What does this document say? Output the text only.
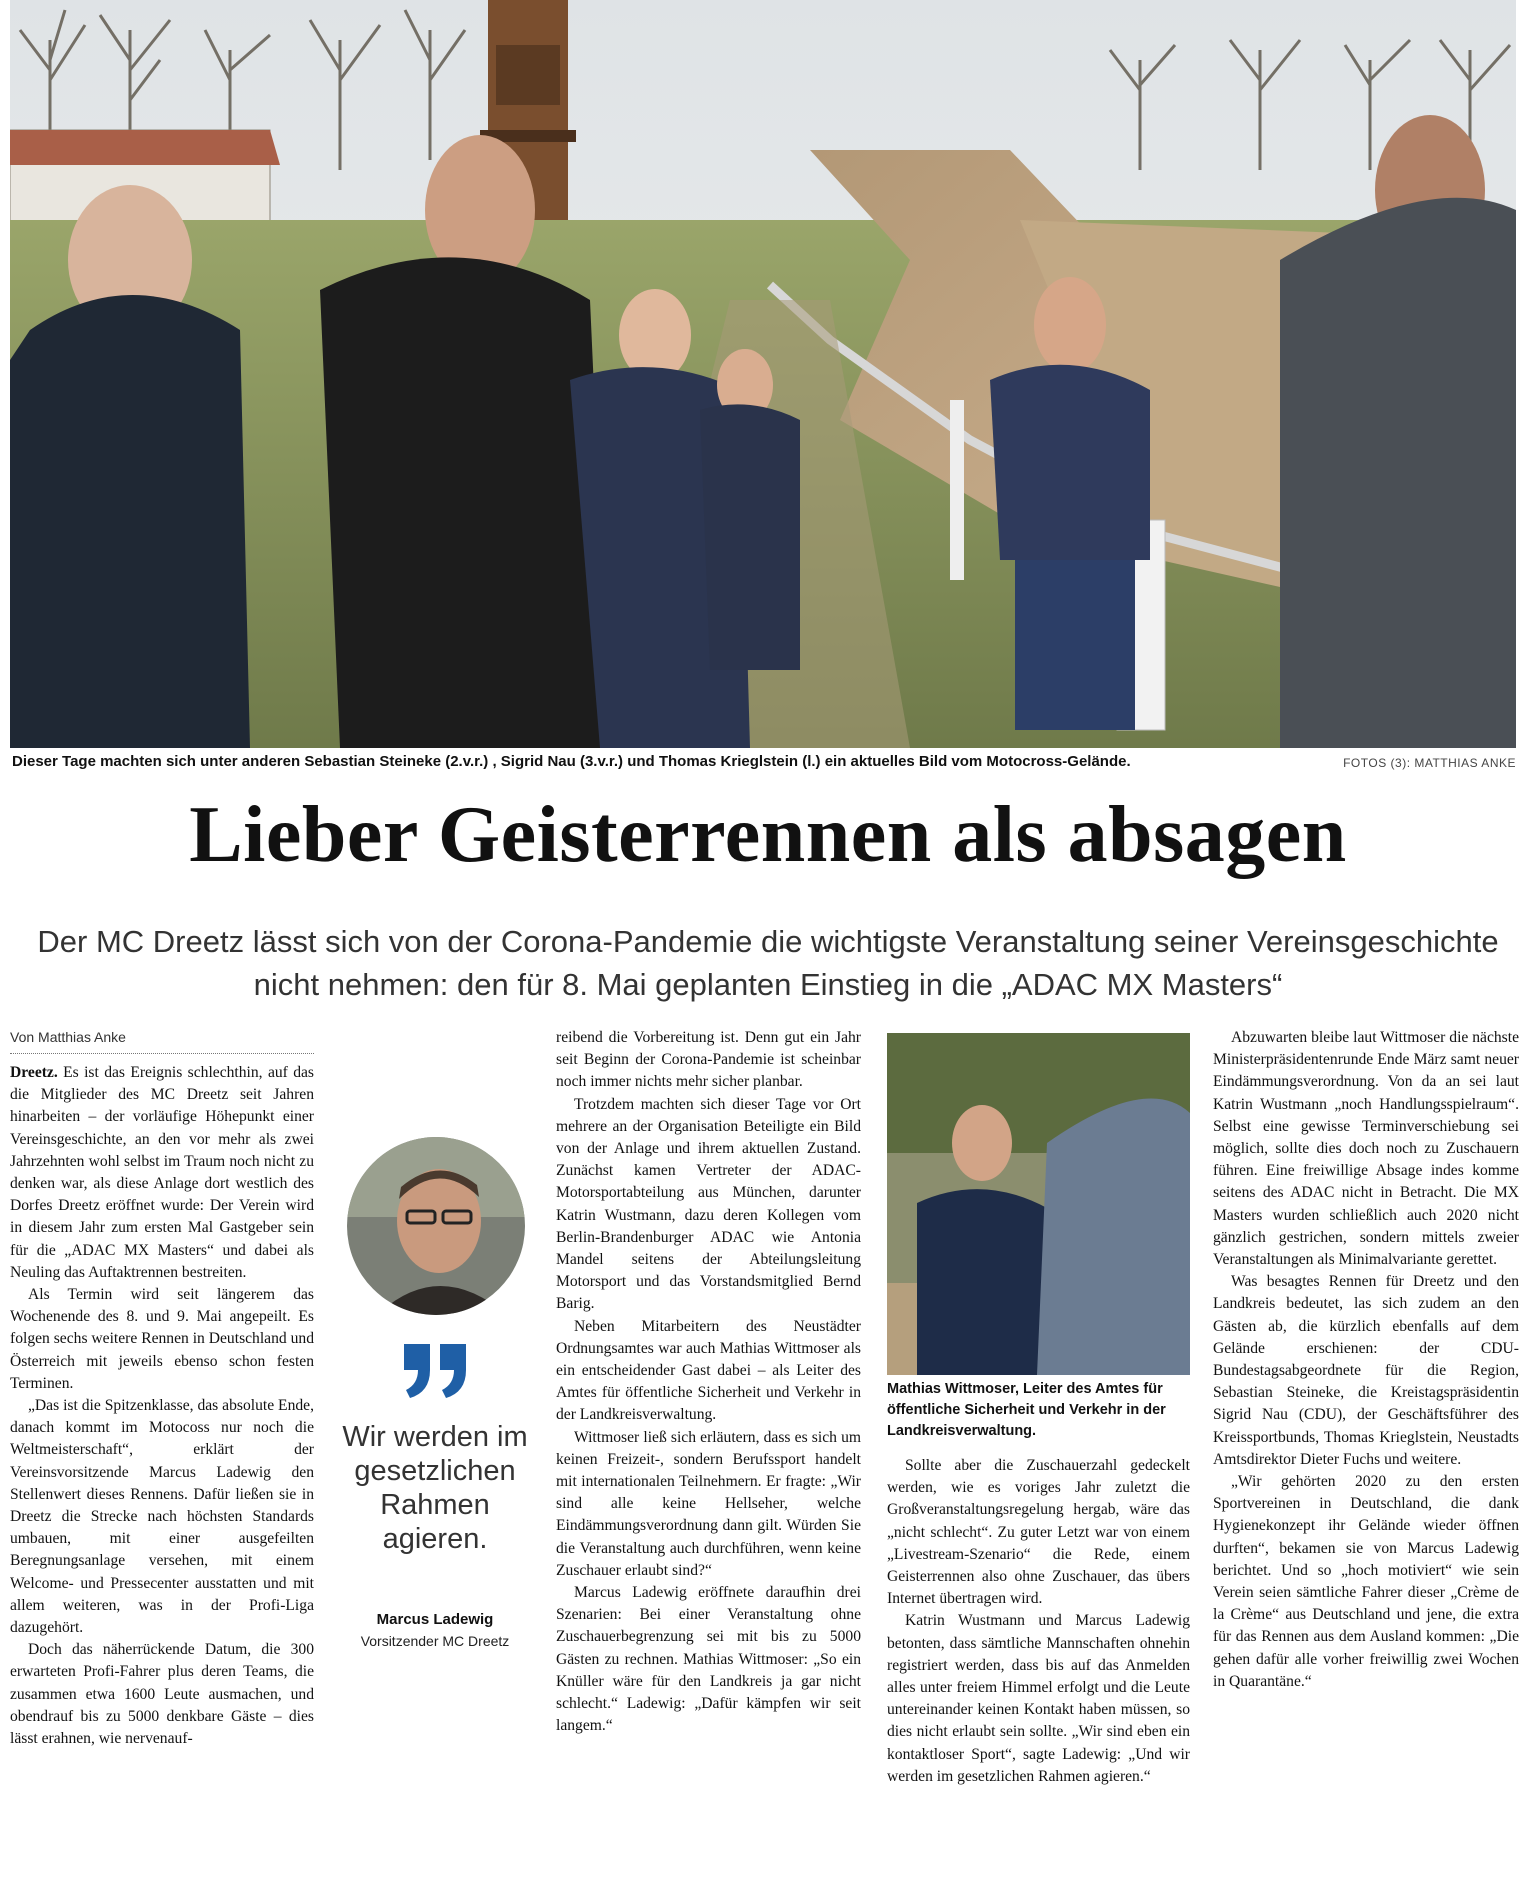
Dieser Tage machten sich unter anderen Sebastian Steineke (2.v.r.) , Sigrid Nau (3.v.r.) und Thomas Krieglstein (l.) ein aktuelles Bild vom Motocross-Gelände.	FOTOS (3): MATTHIAS ANKE
Lieber Geisterrennen als absagen
Der MC Dreetz lässt sich von der Corona-Pandemie die wichtigste Veranstaltung seiner Vereinsgeschichte nicht nehmen: den für 8. Mai geplanten Einstieg in die „ADAC MX Masters“
Von Matthias Anke

Dreetz. Es ist das Ereignis schlechthin, auf das die Mitglieder des MC Dreetz seit Jahren hinarbeiten – der vorläufige Höhepunkt einer Vereinsgeschichte, an den vor mehr als zwei Jahrzehnten wohl selbst im Traum noch nicht zu denken war, als diese Anlage dort westlich des Dorfes Dreetz eröffnet wurde: Der Verein wird in diesem Jahr zum ersten Mal Gastgeber sein für die „ADAC MX Masters“ und dabei als Neuling das Auftaktrennen bestreiten.

Als Termin wird seit längerem das Wochenende des 8. und 9. Mai angepeilt. Es folgen sechs weitere Rennen in Deutschland und Österreich mit jeweils ebenso schon festen Terminen.

„Das ist die Spitzenklasse, das absolute Ende, danach kommt im Motocoss nur noch die Weltmeisterschaft“, erklärt der Vereinsvorsitzende Marcus Ladewig den Stellenwert dieses Rennens. Dafür ließen sie in Dreetz die Strecke nach höchsten Standards umbauen, mit einer ausgefeilten Beregnungsanlage versehen, mit einem Welcome- und Pressecenter ausstatten und mit allem weiteren, was in der Profi-Liga dazugehört.

Doch das näherrückende Datum, die 300 erwarteten Profi-Fahrer plus deren Teams, die zusammen etwa 1600 Leute ausmachen, und obendrauf bis zu 5000 denkbare Gäste – dies lässt erahnen, wie nervenauf-

Wir werden im gesetzlichen Rahmen agieren.
Marcus Ladewig
Vorsitzender MC Dreetz

reibend die Vorbereitung ist. Denn gut ein Jahr seit Beginn der Corona-Pandemie ist scheinbar noch immer nichts mehr sicher planbar.

Trotzdem machten sich dieser Tage vor Ort mehrere an der Organisation Beteiligte ein Bild von der Anlage und ihrem aktuellen Zustand. Zunächst kamen Vertreter der ADAC-Motorsportabteilung aus München, darunter Katrin Wustmann, dazu deren Kollegen vom Berlin-Brandenburger ADAC wie Antonia Mandel seitens der Abteilungsleitung Motorsport und das Vorstandsmitglied Bernd Barig.

Neben Mitarbeitern des Neustädter Ordnungsamtes war auch Mathias Wittmoser als ein entscheidender Gast dabei – als Leiter des Amtes für öffentliche Sicherheit und Verkehr in der Landkreisverwaltung.

Wittmoser ließ sich erläutern, dass es sich um keinen Freizeit-, sondern Berufssport handelt mit internationalen Teilnehmern. Er fragte: „Wir sind alle keine Hellseher, welche Eindämmungsverordnung dann gilt. Würden Sie die Veranstaltung auch durchführen, wenn keine Zuschauer erlaubt sind?“

Marcus Ladewig eröffnete daraufhin drei Szenarien: Bei einer Veranstaltung ohne Zuschauerbegrenzung sei mit bis zu 5000 Gästen zu rechnen. Mathias Wittmoser: „So ein Knüller wäre für den Landkreis ja gar nicht schlecht.“ Ladewig: „Dafür kämpfen wir seit langem.“

Mathias Wittmoser, Leiter des Amtes für öffentliche Sicherheit und Verkehr in der Landkreisverwaltung.

Sollte aber die Zuschauerzahl gedeckelt werden, wie es voriges Jahr zuletzt die Großveranstaltungsregelung hergab, wäre das „nicht schlecht“. Zu guter Letzt war von einem „Livestream-Szenario“ die Rede, einem Geisterrennen also ohne Zuschauer, das übers Internet übertragen wird.

Katrin Wustmann und Marcus Ladewig betonten, dass sämtliche Mannschaften ohnehin registriert werden, dass bis auf das Anmelden alles unter freiem Himmel erfolgt und die Leute untereinander keinen Kontakt haben müssen, so dies nicht erlaubt sein sollte. „Wir sind eben ein kontaktloser Sport“, sagte Ladewig: „Und wir werden im gesetzlichen Rahmen agieren.“

Abzuwarten bleibe laut Wittmoser die nächste Ministerpräsidentenrunde Ende März samt neuer Eindämmungsverordnung. Von da an sei laut Katrin Wustmann „noch Handlungsspielraum“. Selbst eine gewisse Terminverschiebung sei möglich, sollte dies doch noch zu Zuschauern führen. Eine freiwillige Absage indes komme seitens des ADAC nicht in Betracht. Die MX Masters wurden schließlich auch 2020 nicht gänzlich gestrichen, sondern mittels zweier Veranstaltungen als Minimalvariante gerettet.

Was besagtes Rennen für Dreetz und den Landkreis bedeutet, las sich zudem an den Gästen ab, die kürzlich ebenfalls auf dem Gelände erschienen: der CDU-Bundestagsabgeordnete für die Region, Sebastian Steineke, die Kreistagspräsidentin Sigrid Nau (CDU), der Geschäftsführer des Kreissportbunds, Thomas Krieglstein, Neustadts Amtsdirektor Dieter Fuchs und weitere.

„Wir gehörten 2020 zu den ersten Sportvereinen in Deutschland, die dank Hygienekonzept ihr Gelände wieder öffnen durften“, bekamen sie von Marcus Ladewig berichtet. Und so „hoch motiviert“ wie sein Verein seien sämtliche Fahrer dieser „Crème de la Crème“ aus Deutschland und jene, die extra für das Rennen aus dem Ausland kommen: „Die gehen dafür alle vorher freiwillig zwei Wochen in Quarantäne.“
